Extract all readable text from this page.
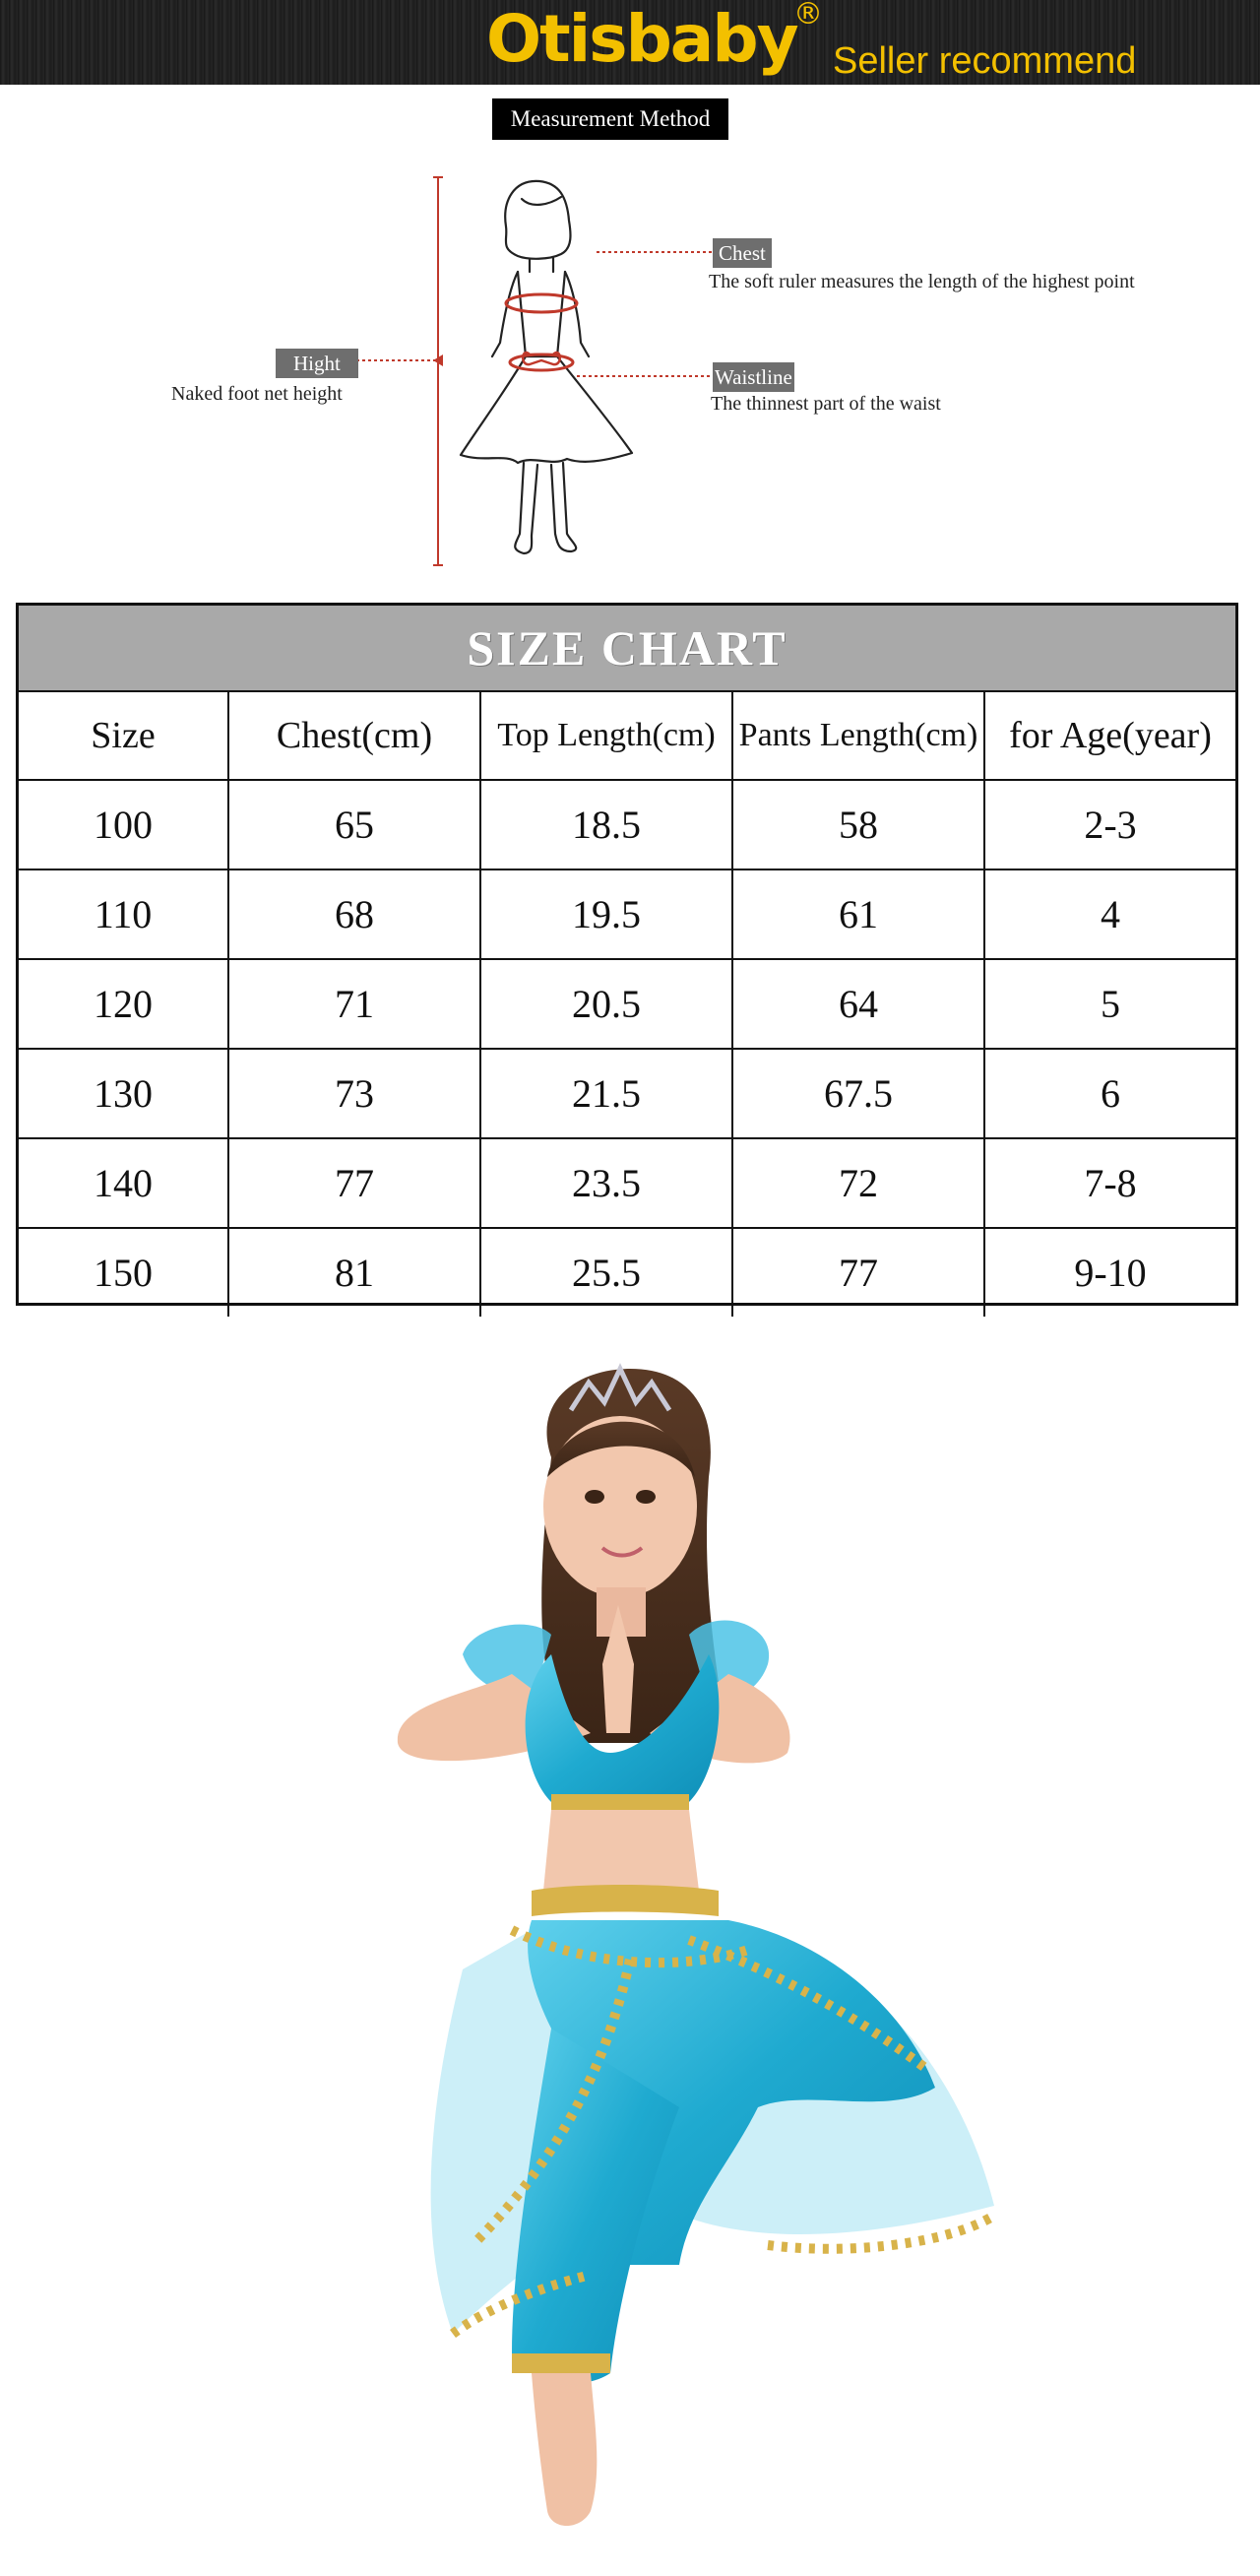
Otisbaby
®
Seller recommend
Measurement Method
Chest
The soft ruler measures the length of the highest point
Waistline
The thinnest part of the waist
Hight
Naked foot net height
SIZE CHART
Size	Chest(cm)	Top Length(cm)	Pants Length(cm)	for Age(year)
100	65	18.5	58	2-3
110	68	19.5	61	4
120	71	20.5	64	5
130	73	21.5	67.5	6
140	77	23.5	72	7-8
150	81	25.5	77	9-10
